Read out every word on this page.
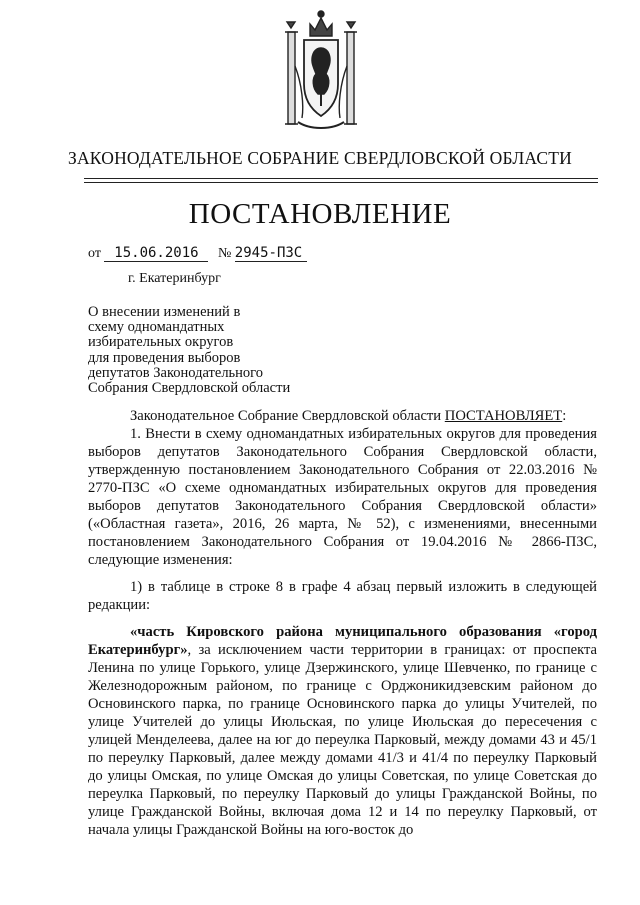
ЗАКОНОДАТЕЛЬНОЕ СОБРАНИЕ СВЕРДЛОВСКОЙ ОБЛАСТИ
ПОСТАНОВЛЕНИЕ
от 15.06.2016 № 2945-ПЗС
г. Екатеринбург
О внесении изменений в
схему одномандатных
избирательных округов
для проведения выборов
депутатов Законодательного
Собрания Свердловской области

Законодательное Собрание Свердловской области ПОСТАНОВЛЯЕТ:

1. Внести в схему одномандатных избирательных округов для проведения выборов депутатов Законодательного Собрания Свердловской области, утвержденную постановлением Законодательного Собрания от 22.03.2016 № 2770-ПЗС «О схеме одномандатных избирательных округов для проведения выборов депутатов Законодательного Собрания Свердловской области» («Областная газета», 2016, 26 марта, № 52), с изменениями, внесенными постановлением Законодательного Собрания от 19.04.2016 № 2866-ПЗС, следующие изменения:

1) в таблице в строке 8 в графе 4 абзац первый изложить в следующей редакции:

«часть Кировского района муниципального образования «город Екатеринбург», за исключением части территории в границах: от проспекта Ленина по улице Горького, улице Дзержинского, улице Шевченко, по границе с Железнодорожным районом, по границе с Орджоникидзевским районом до Основинского парка, по границе Основинского парка до улицы Учителей, по улице Учителей до улицы Июльская, по улице Июльская до пересечения с улицей Менделеева, далее на юг до переулка Парковый, между домами 43 и 45/1 по переулку Парковый, далее между домами 41/3 и 41/4 по переулку Парковый до улицы Омская, по улице Омская до улицы Советская, по улице Советская до переулка Парковый, по переулку Парковый до улицы Гражданской Войны, по улице Гражданской Войны, включая дома 12 и 14 по переулку Парковый, от начала улицы Гражданской Войны на юго-восток до
